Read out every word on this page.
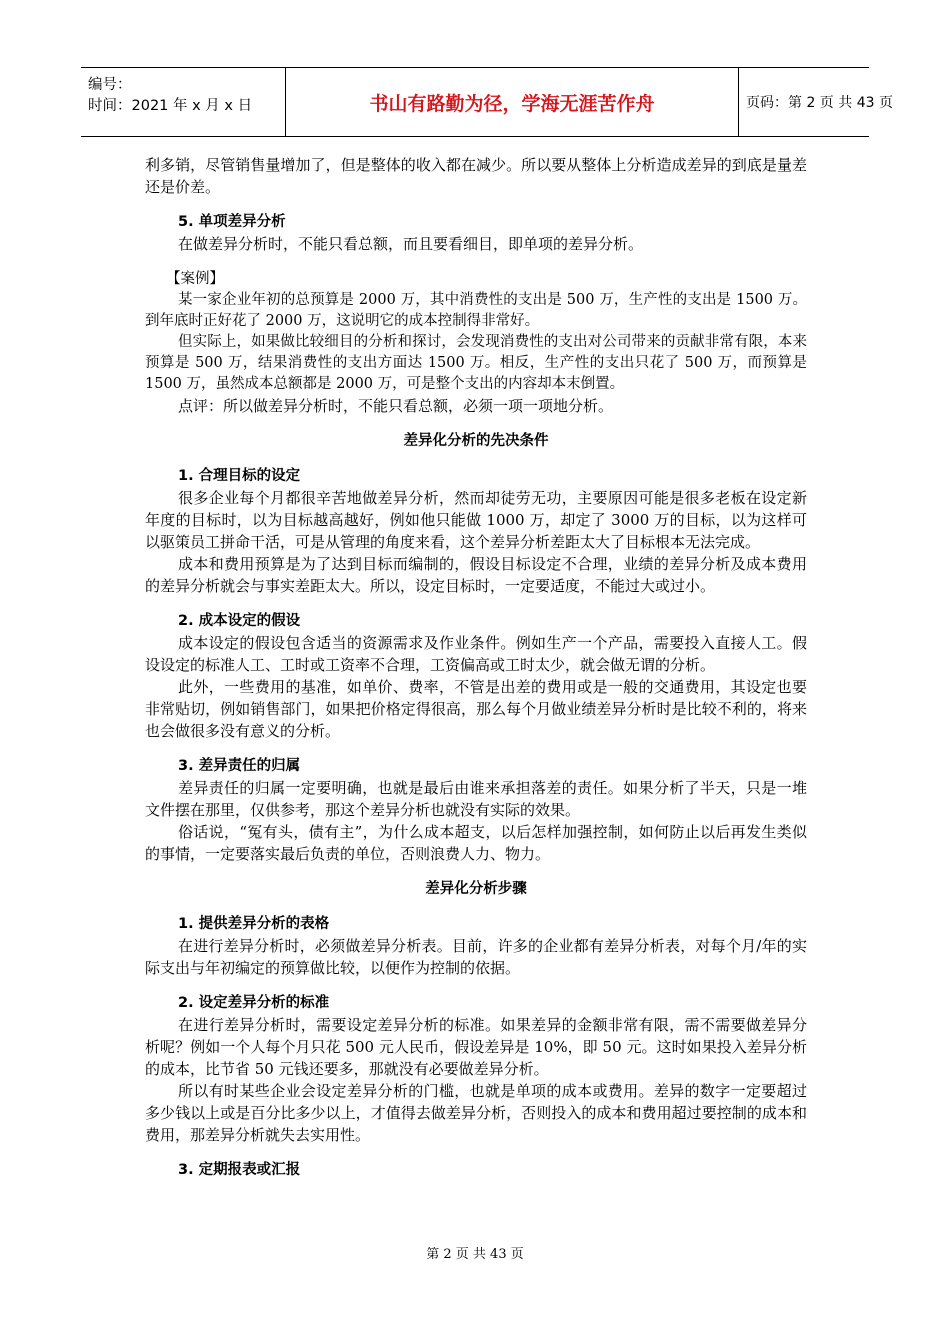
编号：
时间：2021 年 x 月 x 日	书山有路勤为径，学海无涯苦作舟	页码：第 2 页 共 43 页

利多销，尽管销售量增加了，但是整体的收入都在减少。所以要从整体上分析造成差异的到底是量差还是价差。

5. 单项差异分析

在做差异分析时，不能只看总额，而且要看细目，即单项的差异分析。

【案例】

某一家企业年初的总预算是 2000 万，其中消费性的支出是 500 万，生产性的支出是 1500 万。到年底时正好花了 2000 万，这说明它的成本控制得非常好。

但实际上，如果做比较细目的分析和探讨，会发现消费性的支出对公司带来的贡献非常有限，本来预算是 500 万，结果消费性的支出方面达 1500 万。相反，生产性的支出只花了 500 万，而预算是 1500 万，虽然成本总额都是 2000 万，可是整个支出的内容却本末倒置。

点评：所以做差异分析时，不能只看总额，必须一项一项地分析。

差异化分析的先决条件
1. 合理目标的设定

很多企业每个月都很辛苦地做差异分析，然而却徒劳无功，主要原因可能是很多老板在设定新年度的目标时，以为目标越高越好，例如他只能做 1000 万，却定了 3000 万的目标，以为这样可以驱策员工拼命干活，可是从管理的角度来看，这个差异分析差距太大了目标根本无法完成。

成本和费用预算是为了达到目标而编制的，假设目标设定不合理，业绩的差异分析及成本费用的差异分析就会与事实差距太大。所以，设定目标时，一定要适度，不能过大或过小。

2. 成本设定的假设

成本设定的假设包含适当的资源需求及作业条件。例如生产一个产品，需要投入直接人工。假设设定的标准人工、工时或工资率不合理，工资偏高或工时太少，就会做无谓的分析。

此外，一些费用的基准，如单价、费率，不管是出差的费用或是一般的交通费用，其设定也要非常贴切，例如销售部门，如果把价格定得很高，那么每个月做业绩差异分析时是比较不利的，将来也会做很多没有意义的分析。

3. 差异责任的归属

差异责任的归属一定要明确，也就是最后由谁来承担落差的责任。如果分析了半天，只是一堆文件摆在那里，仅供参考，那这个差异分析也就没有实际的效果。

俗话说，“冤有头，债有主”，为什么成本超支，以后怎样加强控制，如何防止以后再发生类似的事情，一定要落实最后负责的单位，否则浪费人力、物力。

差异化分析步骤
1. 提供差异分析的表格

在进行差异分析时，必须做差异分析表。目前，许多的企业都有差异分析表，对每个月/年的实际支出与年初编定的预算做比较，以便作为控制的依据。

2. 设定差异分析的标准

在进行差异分析时，需要设定差异分析的标准。如果差异的金额非常有限，需不需要做差异分析呢？例如一个人每个月只花 500 元人民币，假设差异是 10%，即 50 元。这时如果投入差异分析的成本，比节省 50 元钱还要多，那就没有必要做差异分析。

所以有时某些企业会设定差异分析的门槛，也就是单项的成本或费用。差异的数字一定要超过多少钱以上或是百分比多少以上，才值得去做差异分析，否则投入的成本和费用超过要控制的成本和费用，那差异分析就失去实用性。

3. 定期报表或汇报
第 2 页 共 43 页
